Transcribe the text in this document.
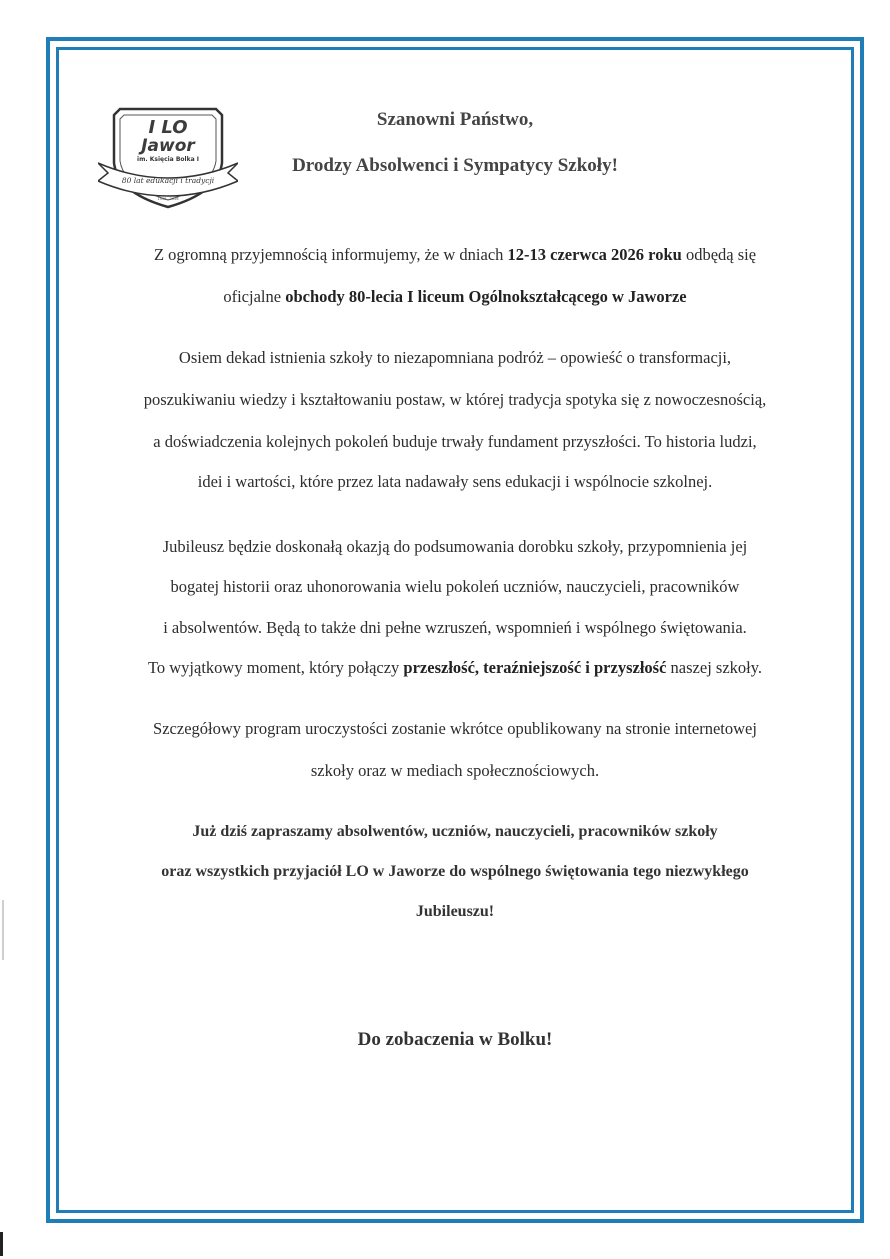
I LO
Jawor
im. Księcia Bolka I
80 lat edukacji i tradycji
1946 - 2026
Szanowni Państwo,
Drodzy Absolwenci i Sympatycy Szkoły!
Z ogromną przyjemnością informujemy, że w dniach 12-13 czerwca 2026 roku odbędą się
oficjalne obchody 80-lecia I liceum Ogólnokształcącego w Jaworze
Osiem dekad istnienia szkoły to niezapomniana podróż – opowieść o transformacji,
poszukiwaniu wiedzy i kształtowaniu postaw, w której tradycja spotyka się z nowoczesnością,
a doświadczenia kolejnych pokoleń buduje trwały fundament przyszłości. To historia ludzi,
idei i wartości, które przez lata nadawały sens edukacji i wspólnocie szkolnej.
Jubileusz będzie doskonałą okazją do podsumowania dorobku szkoły, przypomnienia jej
bogatej historii oraz uhonorowania wielu pokoleń uczniów, nauczycieli, pracowników
i absolwentów. Będą to także dni pełne wzruszeń, wspomnień i wspólnego świętowania.
To wyjątkowy moment, który połączy przeszłość, teraźniejszość i przyszłość naszej szkoły.
Szczegółowy program uroczystości zostanie wkrótce opublikowany na stronie internetowej
szkoły oraz w mediach społecznościowych.
Już dziś zapraszamy absolwentów, uczniów, nauczycieli, pracowników szkoły
oraz wszystkich przyjaciół LO w Jaworze do wspólnego świętowania tego niezwykłego
Jubileuszu!
Do zobaczenia w Bolku!
